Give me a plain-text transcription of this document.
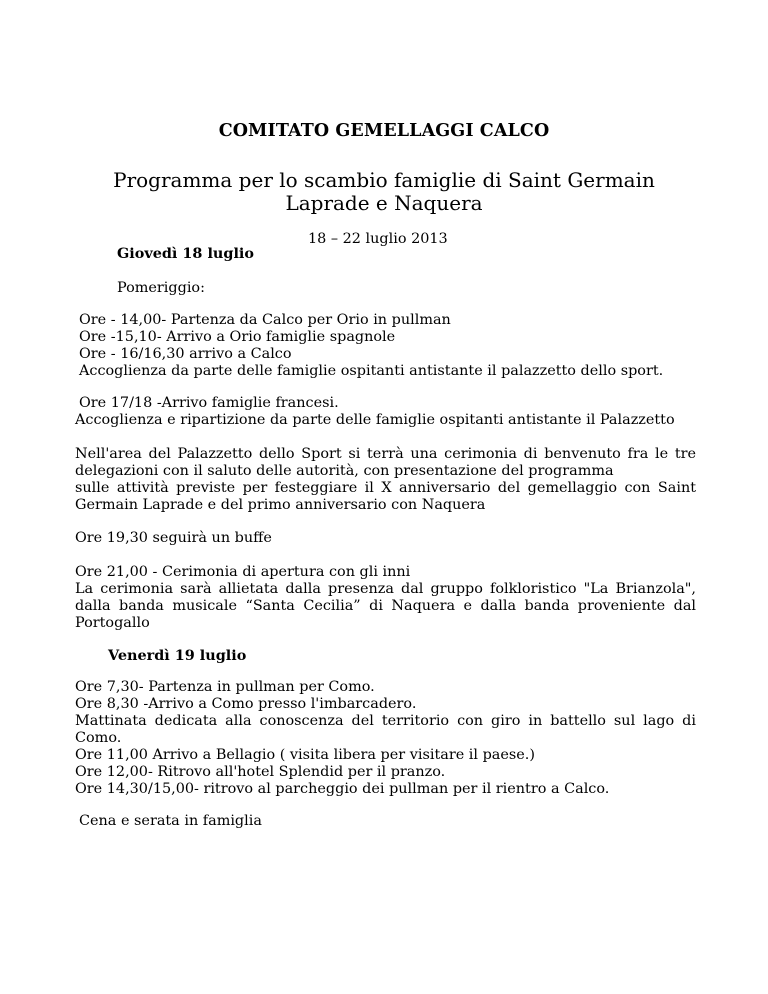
COMITATO GEMELLAGGI CALCO
Programma per lo scambio famiglie di Saint Germain
Laprade e Naquera
18 – 22 luglio 2013
Giovedì 18 luglio
Pomeriggio:
Ore - 14,00- Partenza da Calco per Orio in pullman
Ore -15,10- Arrivo a Orio famiglie spagnole
Ore - 16/16,30 arrivo a Calco
Accoglienza da parte delle famiglie ospitanti antistante il palazzetto dello sport.
Ore 17/18 -Arrivo famiglie francesi.
Accoglienza e ripartizione da parte delle famiglie ospitanti antistante il Palazzetto
Nell'area del Palazzetto dello Sport si terrà una cerimonia di benvenuto fra le tre
delegazioni con il saluto delle autorità, con presentazione del programma
sulle attività previste per festeggiare il X anniversario del gemellaggio con Saint
Germain Laprade e del primo anniversario con Naquera
Ore 19,30 seguirà un buffe
Ore 21,00 - Cerimonia di apertura con gli inni
La cerimonia sarà allietata dalla presenza dal gruppo folkloristico "La Brianzola",
dalla banda musicale “Santa Cecilia” di Naquera e dalla banda proveniente dal
Portogallo
Venerdì 19 luglio
Ore 7,30- Partenza in pullman per Como.
Ore 8,30 -Arrivo a Como presso l'imbarcadero.
Mattinata dedicata alla conoscenza del territorio con giro in battello sul lago di
Como.
Ore 11,00 Arrivo a Bellagio ( visita libera per visitare il paese.)
Ore 12,00- Ritrovo all'hotel Splendid per il pranzo.
Ore 14,30/15,00- ritrovo al parcheggio dei pullman per il rientro a Calco.
Cena e serata in famiglia
